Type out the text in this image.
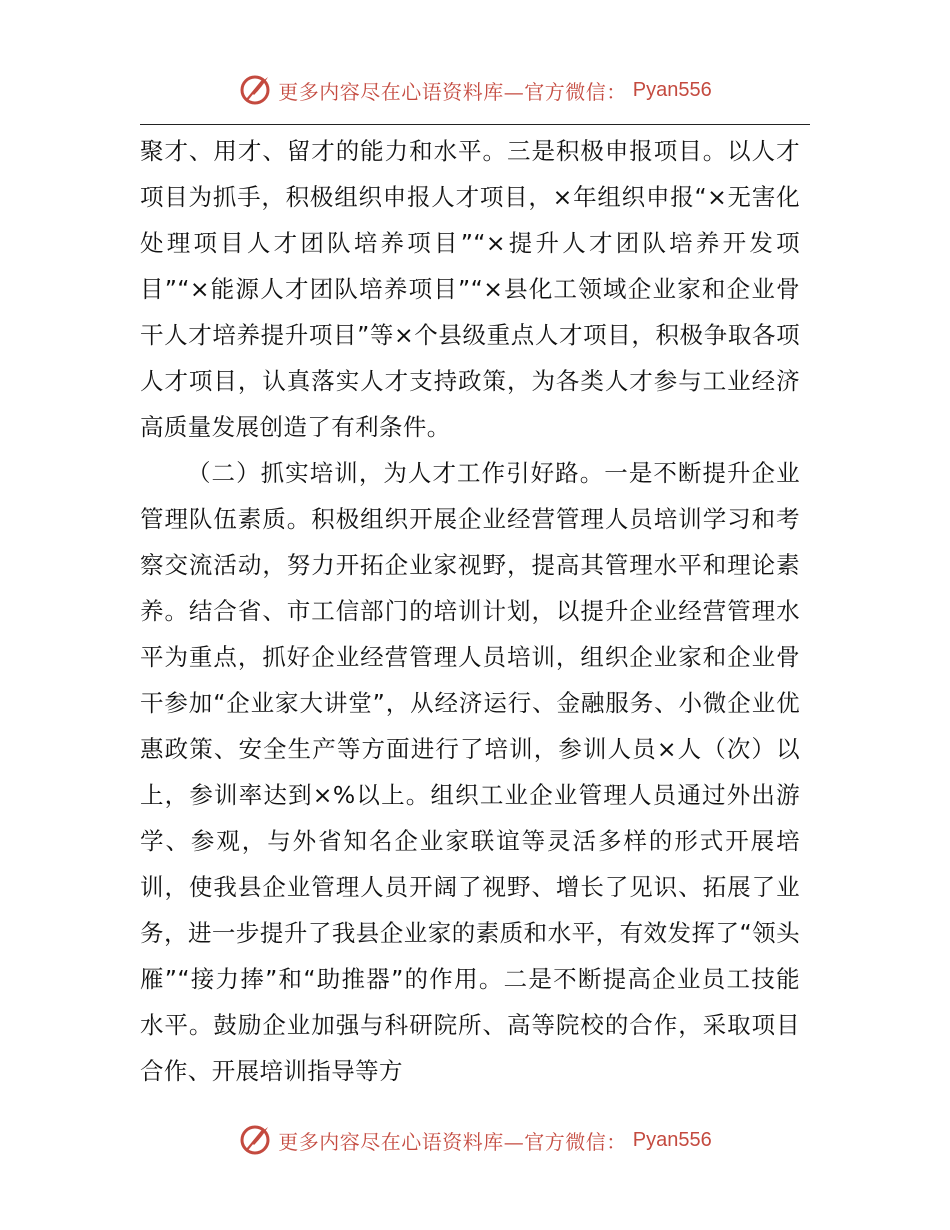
更多内容尽在心语资料库—官方微信： Pyan556

聚才、用才、留才的能力和水平。三是积极申报项目。以人才项目为抓手，积极组织申报人才项目，×年组织申报“×无害化处理项目人才团队培养项目”“×提升人才团队培养开发项目”“×能源人才团队培养项目”“×县化工领域企业家和企业骨干人才培养提升项目”等×个县级重点人才项目，积极争取各项人才项目，认真落实人才支持政策，为各类人才参与工业经济高质量发展创造了有利条件。

（二）抓实培训，为人才工作引好路。一是不断提升企业管理队伍素质。积极组织开展企业经营管理人员培训学习和考察交流活动，努力开拓企业家视野，提高其管理水平和理论素养。结合省、市工信部门的培训计划，以提升企业经营管理水平为重点，抓好企业经营管理人员培训，组织企业家和企业骨干参加“企业家大讲堂”，从经济运行、金融服务、小微企业优惠政策、安全生产等方面进行了培训，参训人员×人（次）以上，参训率达到×%以上。组织工业企业管理人员通过外出游学、参观，与外省知名企业家联谊等灵活多样的形式开展培训，使我县企业管理人员开阔了视野、增长了见识、拓展了业务，进一步提升了我县企业家的素质和水平，有效发挥了“领头雁”“接力捧”和“助推器”的作用。二是不断提高企业员工技能水平。鼓励企业加强与科研院所、高等院校的合作，采取项目合作、开展培训指导等方

更多内容尽在心语资料库—官方微信： Pyan556
